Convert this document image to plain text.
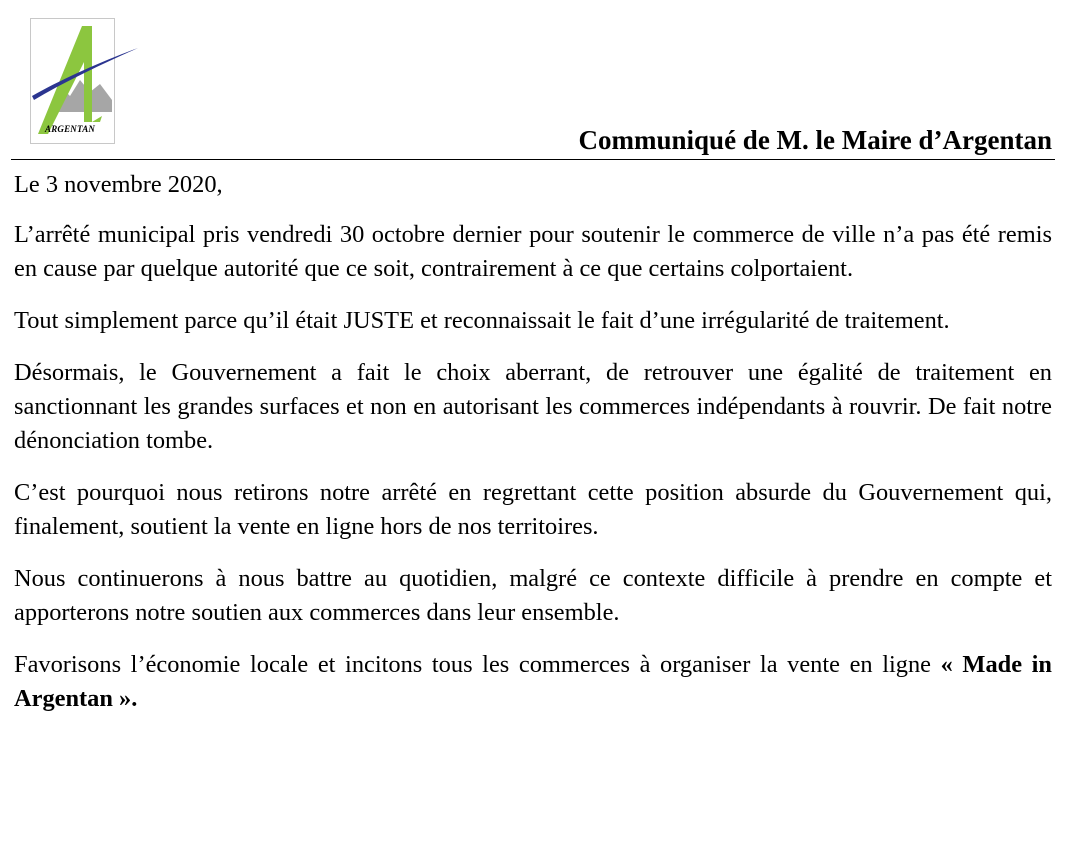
ARGENTAN	Communiqué de M. le Maire d’Argentan

Le 3 novembre 2020,

L’arrêté municipal pris vendredi 30 octobre dernier pour soutenir le commerce de ville n’a pas été remis en cause par quelque autorité que ce soit, contrairement à ce que certains colportaient.

Tout simplement parce qu’il était JUSTE et reconnaissait le fait d’une irrégularité de traitement.

Désormais, le Gouvernement a fait le choix aberrant, de retrouver une égalité de traitement en sanctionnant les grandes surfaces et non en autorisant les commerces indépendants à rouvrir. De fait notre dénonciation tombe.

C’est pourquoi nous retirons notre arrêté en regrettant cette position absurde du Gouvernement qui, finalement, soutient la vente en ligne hors de nos territoires.

Nous continuerons à nous battre au quotidien, malgré ce contexte difficile à prendre en compte et apporterons notre soutien aux commerces dans leur ensemble.

Favorisons l’économie locale et incitons tous les commerces à organiser la vente en ligne « Made in Argentan ».
